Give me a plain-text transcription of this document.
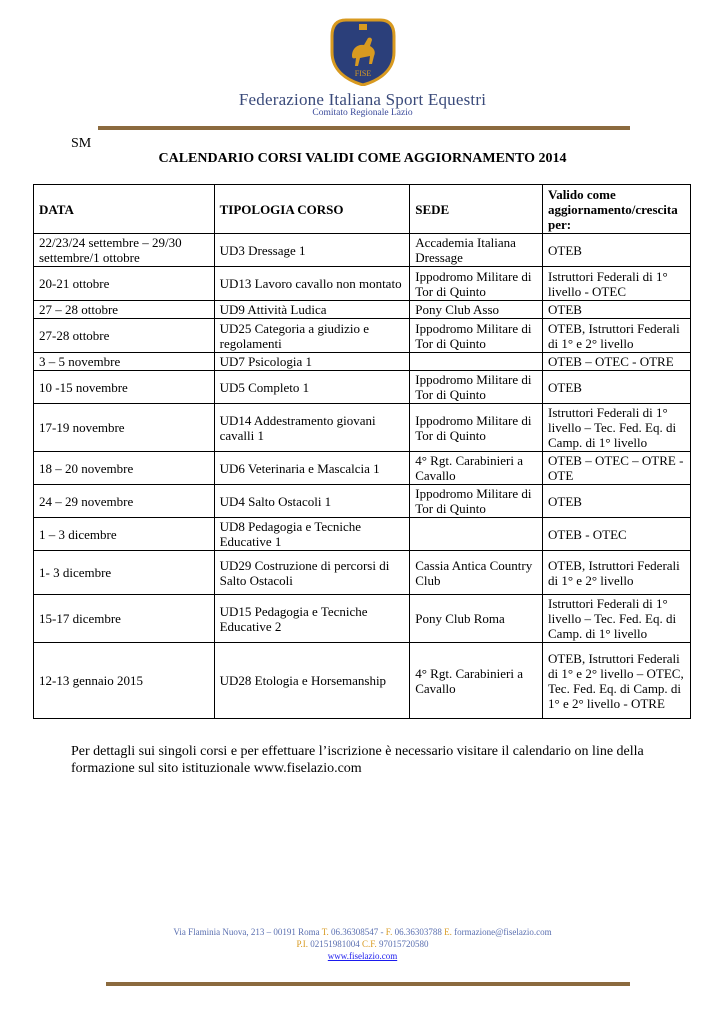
FISE
Federazione Italiana Sport Equestri
Comitato Regionale Lazio
SM
CALENDARIO CORSI VALIDI COME AGGIORNAMENTO 2014
DATA	TIPOLOGIA CORSO	SEDE	Valido come aggiornamento/crescita per:
22/23/24 settembre – 29/30 settembre/1 ottobre	UD3 Dressage 1	Accademia Italiana Dressage	OTEB
20-21 ottobre	UD13 Lavoro cavallo non montato	Ippodromo Militare di Tor di Quinto	Istruttori Federali di 1° livello - OTEC
27 – 28 ottobre	UD9 Attività Ludica	Pony Club Asso	OTEB
27-28 ottobre	UD25 Categoria a giudizio e regolamenti	Ippodromo Militare di Tor di Quinto	OTEB, Istruttori Federali di 1° e 2° livello
3 – 5 novembre	UD7 Psicologia 1		OTEB – OTEC - OTRE
10 -15 novembre	UD5 Completo 1	Ippodromo Militare di Tor di Quinto	OTEB
17-19 novembre	UD14 Addestramento giovani cavalli 1	Ippodromo Militare di Tor di Quinto	Istruttori Federali di 1° livello – Tec. Fed. Eq. di Camp. di 1° livello
18 – 20 novembre	UD6 Veterinaria e Mascalcia 1	4° Rgt. Carabinieri a Cavallo	OTEB – OTEC – OTRE - OTE
24 – 29 novembre	UD4 Salto Ostacoli 1	Ippodromo Militare di Tor di Quinto	OTEB
1 – 3 dicembre	UD8 Pedagogia e Tecniche Educative 1		OTEB - OTEC
1- 3 dicembre	UD29 Costruzione di percorsi di Salto Ostacoli	Cassia Antica Country Club	OTEB, Istruttori Federali di 1° e 2° livello
15-17 dicembre	UD15 Pedagogia e Tecniche Educative 2	Pony Club Roma	Istruttori Federali di 1° livello – Tec. Fed. Eq. di Camp. di 1° livello
12-13 gennaio 2015	UD28 Etologia e Horsemanship	4° Rgt. Carabinieri a Cavallo	OTEB, Istruttori Federali di 1° e 2° livello – OTEC, Tec. Fed. Eq. di Camp. di 1° e 2° livello - OTRE
Per dettagli sui singoli corsi e per effettuare l’iscrizione è necessario visitare il calendario on line della formazione sul sito istituzionale www.fiselazio.com
Via Flaminia Nuova, 213 – 00191 Roma T. 06.36308547 - F. 06.36303788 E. formazione@fiselazio.com
P.I. 02151981004 C.F. 97015720580
www.fiselazio.com
